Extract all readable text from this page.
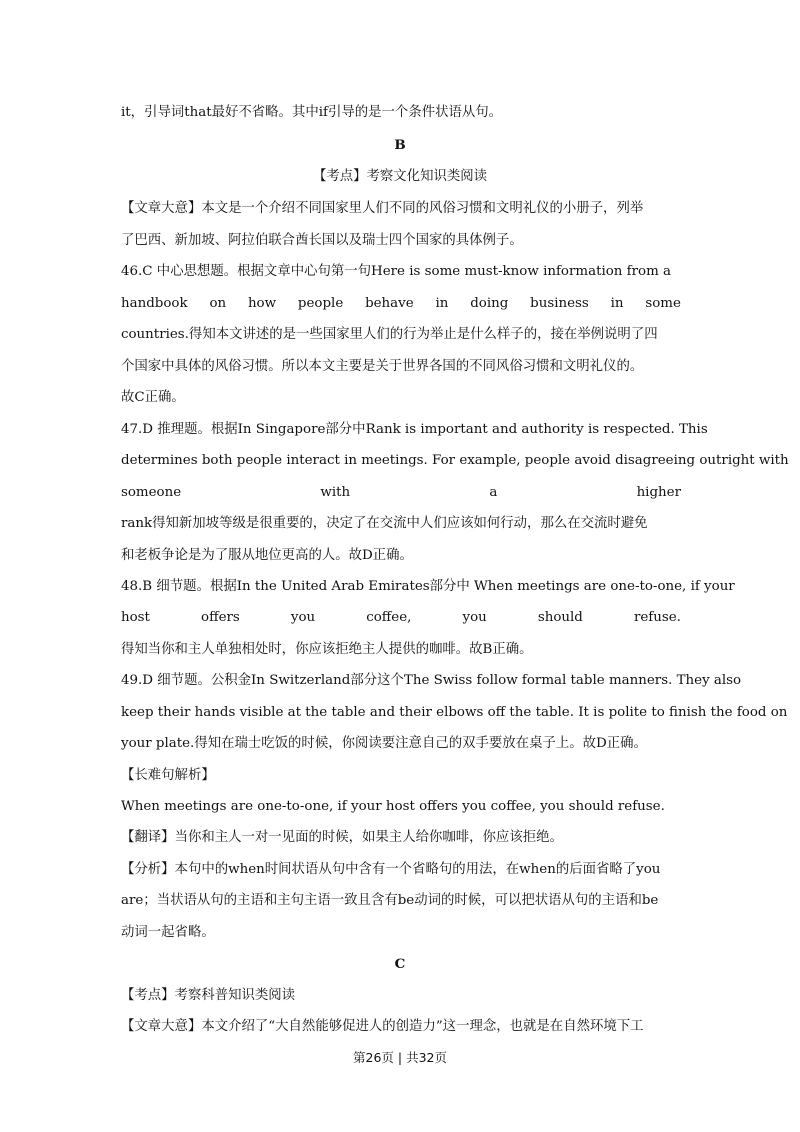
it，引导词that最好不省略。其中if引导的是一个条件状语从句。
B
【考点】考察文化知识类阅读
【文章大意】本文是一个介绍不同国家里人们不同的风俗习惯和文明礼仪的小册子，列举
了巴西、新加坡、阿拉伯联合酋长国以及瑞士四个国家的具体例子。
46.C 中心思想题。根据文章中心句第一句Here is some must-know information from a
handbook on how people behave in doing business in some
countries.得知本文讲述的是一些国家里人们的行为举止是什么样子的，接在举例说明了四
个国家中具体的风俗习惯。所以本文主要是关于世界各国的不同风俗习惯和文明礼仪的。
故C正确。
47.D 推理题。根据In Singapore部分中Rank is important and authority is respected. This
determines both people interact in meetings. For example, people avoid disagreeing outright with
someone	with	a	higher
rank得知新加坡等级是很重要的，决定了在交流中人们应该如何行动，那么在交流时避免
和老板争论是为了服从地位更高的人。故D正确。
48.B 细节题。根据In the United Arab Emirates部分中 When meetings are one-to-one, if your
host	offers	you	coffee,	you	should	refuse.
得知当你和主人单独相处时，你应该拒绝主人提供的咖啡。故B正确。
49.D 细节题。公积金In Switzerland部分这个The Swiss follow formal table manners. They also
keep their hands visible at the table and their elbows off the table. It is polite to finish the food on
your plate.得知在瑞士吃饭的时候，你阅读要注意自己的双手要放在桌子上。故D正确。
【长难句解析】
When meetings are one-to-one, if your host offers you coffee, you should refuse.
【翻译】当你和主人一对一见面的时候，如果主人给你咖啡，你应该拒绝。
【分析】本句中的when时间状语从句中含有一个省略句的用法，在when的后面省略了you
are；当状语从句的主语和主句主语一致且含有be动词的时候，可以把状语从句的主语和be
动词一起省略。
C
【考点】考察科普知识类阅读
【文章大意】本文介绍了“大自然能够促进人的创造力”这一理念，也就是在自然环境下工
第26页 | 共32页
